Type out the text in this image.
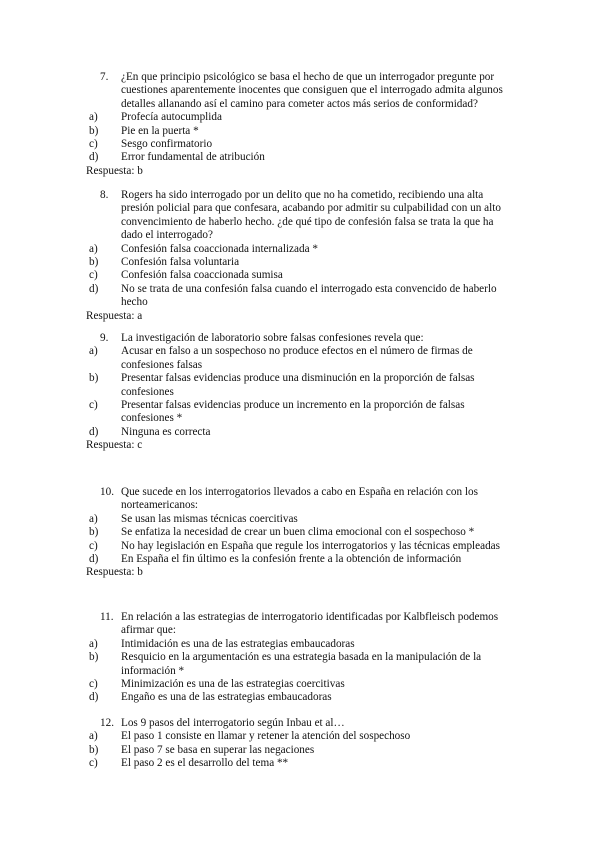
7. ¿En que principio psicológico se basa el hecho de que un interrogador pregunte por cuestiones aparentemente inocentes que consiguen que el interrogado admita algunos detalles allanando así el camino para cometer actos más serios de conformidad?
a) Profecía autocumplida
b) Pie en la puerta *
c) Sesgo confirmatorio
d) Error fundamental de atribución
Respuesta: b
8. Rogers ha sido interrogado por un delito que no ha cometido, recibiendo una alta presión policial para que confesara, acabando por admitir su culpabilidad con un alto convencimiento de haberlo hecho. ¿de qué tipo de confesión falsa se trata la que ha dado el interrogado?
a) Confesión falsa coaccionada internalizada *
b) Confesión falsa voluntaria
c) Confesión falsa coaccionada sumisa
d) No se trata de una confesión falsa cuando el interrogado esta convencido de haberlo hecho
Respuesta: a
9. La investigación de laboratorio sobre falsas confesiones revela que:
a) Acusar en falso a un sospechoso no produce efectos en el número de firmas de confesiones falsas
b) Presentar falsas evidencias produce una disminución en la proporción de falsas confesiones
c) Presentar falsas evidencias produce un incremento en la proporción de falsas confesiones *
d) Ninguna es correcta
Respuesta: c
10. Que sucede en los interrogatorios llevados a cabo en España en relación con los norteamericanos:
a) Se usan las mismas técnicas coercitivas
b) Se enfatiza la necesidad de crear un buen clima emocional con el sospechoso *
c) No hay legislación en España que regule los interrogatorios y las técnicas empleadas
d) En España el fin último es la confesión frente a la obtención de información
Respuesta: b
11. En relación a las estrategias de interrogatorio identificadas por Kalbfleisch podemos afirmar que:
a) Intimidación es una de las estrategias embaucadoras
b) Resquicio en la argumentación es una estrategia basada en la manipulación de la información *
c) Minimización es una de las estrategias coercitivas
d) Engaño es una de las estrategias embaucadoras
12. Los 9 pasos del interrogatorio según Inbau et al…
a) El paso 1 consiste en llamar y retener la atención del sospechoso
b) El paso 7 se basa en superar las negaciones
c) El paso 2 es el desarrollo del tema **
